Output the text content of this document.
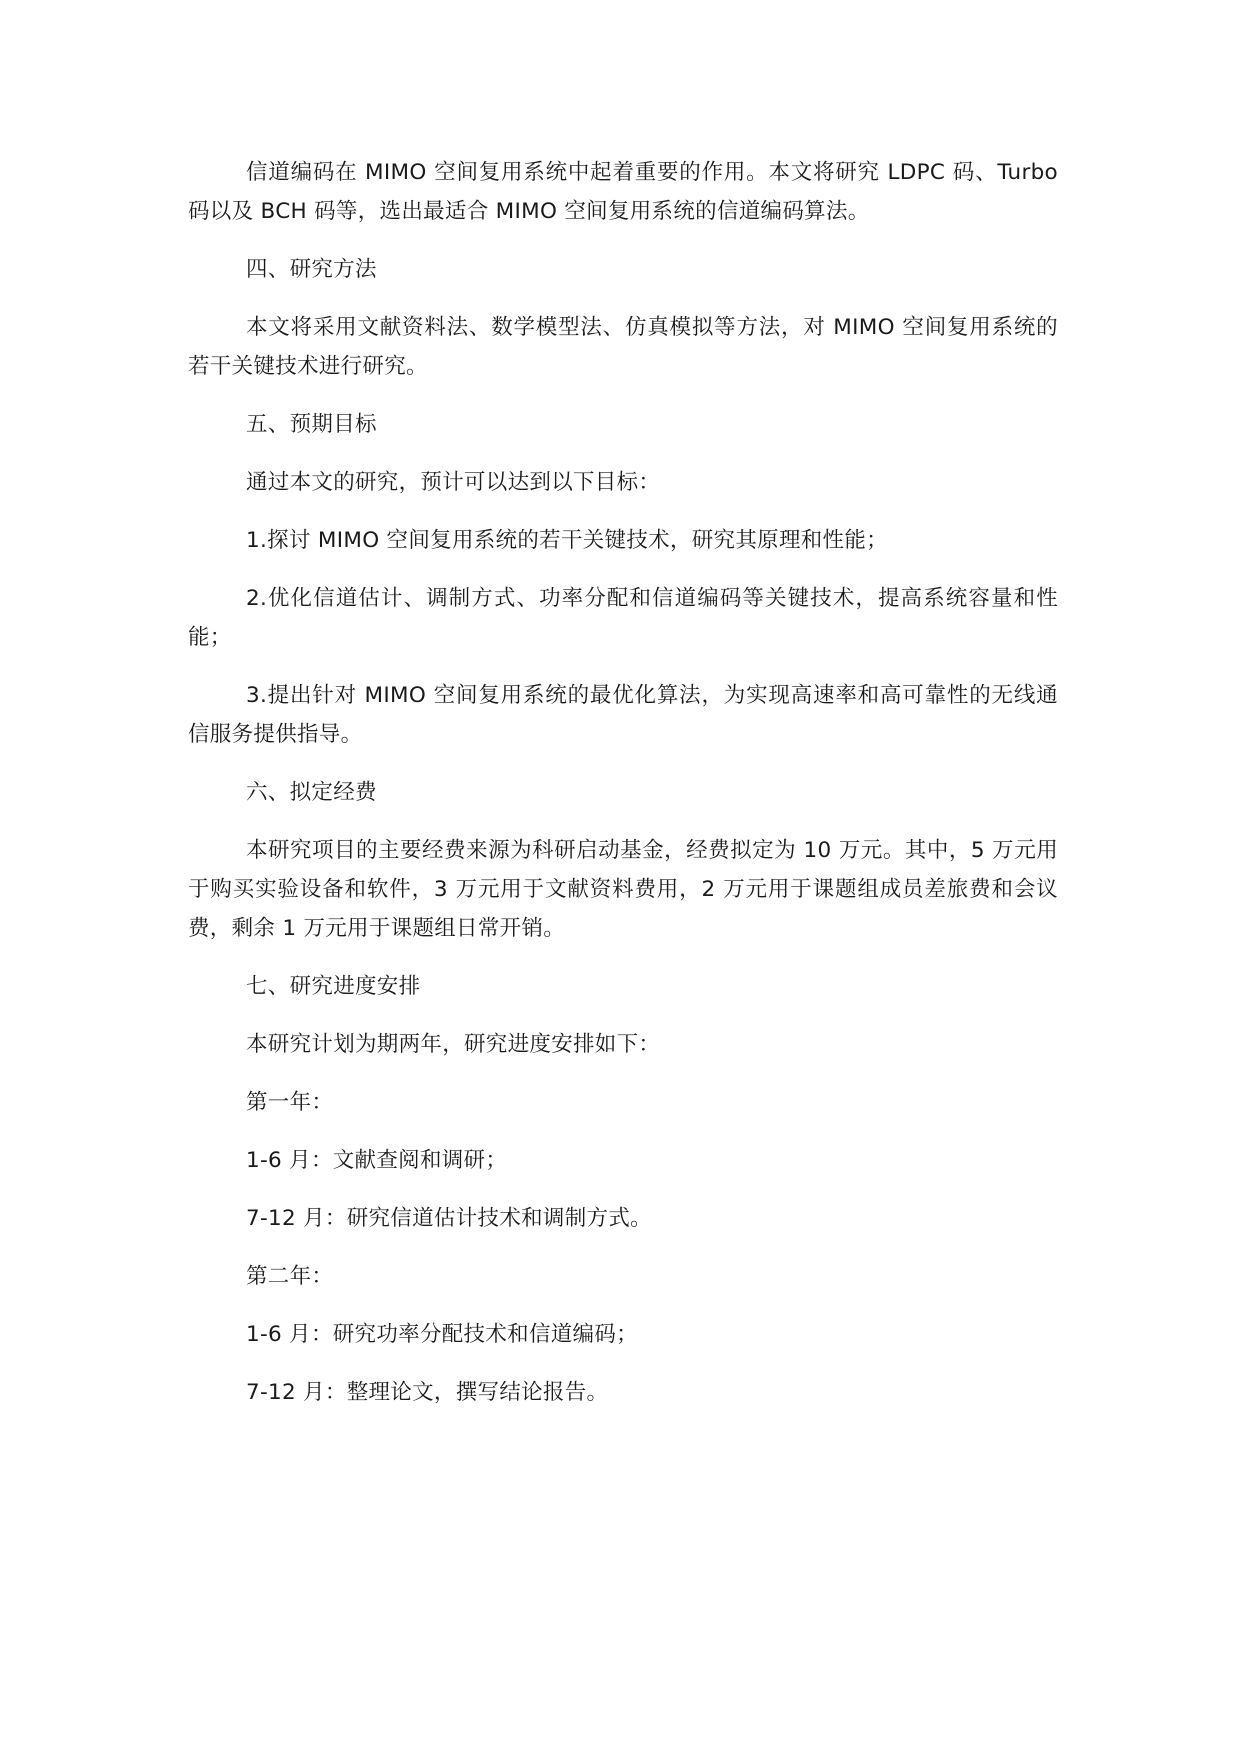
信道编码在 MIMO 空间复用系统中起着重要的作用。本文将研究 LDPC 码、Turbo 码以及 BCH 码等，选出最适合 MIMO 空间复用系统的信道编码算法。

四、研究方法

本文将采用文献资料法、数学模型法、仿真模拟等方法，对 MIMO 空间复用系统的若干关键技术进行研究。

五、预期目标

通过本文的研究，预计可以达到以下目标：

1.探讨 MIMO 空间复用系统的若干关键技术，研究其原理和性能；

2.优化信道估计、调制方式、功率分配和信道编码等关键技术，提高系统容量和性能；

3.提出针对 MIMO 空间复用系统的最优化算法，为实现高速率和高可靠性的无线通信服务提供指导。

六、拟定经费

本研究项目的主要经费来源为科研启动基金，经费拟定为 10 万元。其中，5 万元用于购买实验设备和软件，3 万元用于文献资料费用，2 万元用于课题组成员差旅费和会议费，剩余 1 万元用于课题组日常开销。

七、研究进度安排

本研究计划为期两年，研究进度安排如下：

第一年：

1-6 月：文献查阅和调研；

7-12 月：研究信道估计技术和调制方式。

第二年：

1-6 月：研究功率分配技术和信道编码；

7-12 月：整理论文，撰写结论报告。
